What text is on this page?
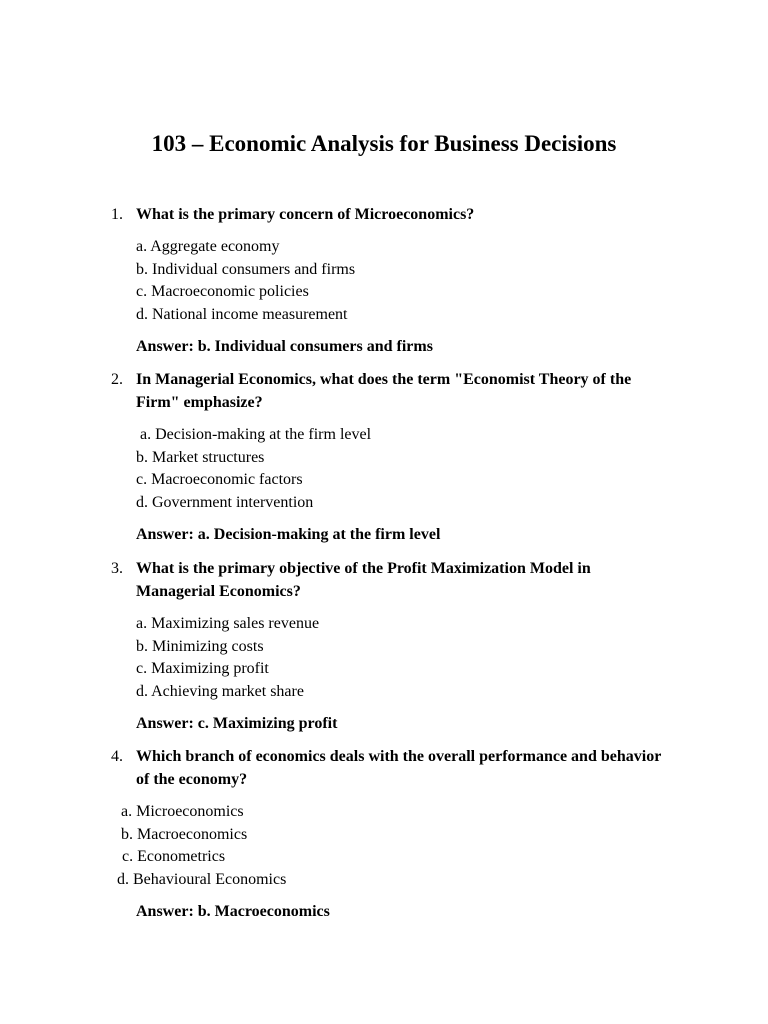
103 – Economic Analysis for Business Decisions
1. What is the primary concern of Microeconomics?
a. Aggregate economy
b. Individual consumers and firms
c. Macroeconomic policies
d. National income measurement
Answer: b. Individual consumers and firms
2. In Managerial Economics, what does the term "Economist Theory of the Firm" emphasize?
a. Decision-making at the firm level
b. Market structures
c. Macroeconomic factors
d. Government intervention
Answer: a. Decision-making at the firm level
3. What is the primary objective of the Profit Maximization Model in Managerial Economics?
a. Maximizing sales revenue
b. Minimizing costs
c. Maximizing profit
d. Achieving market share
Answer: c. Maximizing profit
4. Which branch of economics deals with the overall performance and behavior of the economy?
a. Microeconomics
b. Macroeconomics
c. Econometrics
d. Behavioural Economics
Answer: b. Macroeconomics
